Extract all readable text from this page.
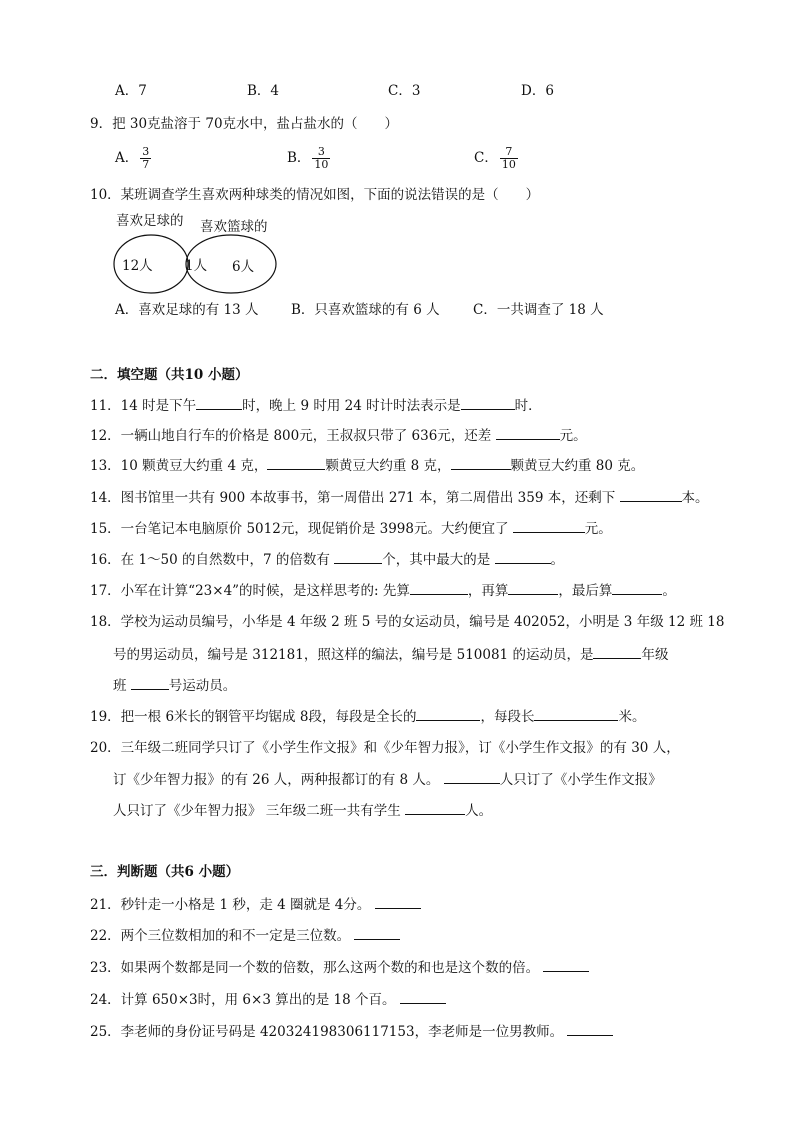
A．7	B．4	C．3	D．6
9．把 30克盐溶于 70克水中，盐占盐水的（　　）
A． $\frac{3}{7}$	B． $\frac{3}{10}$	C． $\frac{7}{10}$
10．某班调查学生喜欢两种球类的情况如图，下面的说法错误的是（　　）
喜欢足球的 喜欢篮球的
12人 1人 6人
A．喜欢足球的有 13 人 B．只喜欢篮球的有 6 人 C．一共调查了 18 人
二．填空题（共10 小题）
11．14 时是下午	时，晚上 9 时用 24 时计时法表示是	时．
12．一辆山地自行车的价格是 800元，王叔叔只带了 636元，还差	元。
13．10 颗黄豆大约重 4 克，	颗黄豆大约重 8 克，	颗黄豆大约重 80 克。
14．图书馆里一共有 900 本故事书，第一周借出 271 本，第二周借出 359 本，还剩下	本。
15．一台笔记本电脑原价 5012元，现促销价是 3998元。大约便宜了	元。
16．在 1～50 的自然数中，7 的倍数有	个，其中最大的是	。
17．小军在计算“23×4”的时候，是这样思考的: 先算	，再算	，最后算	。
18．学校为运动员编号，小华是 4 年级 2 班 5 号的女运动员，编号是 402052，小明是 3 年级 12 班 18
号的男运动员，编号是 312181，照这样的编法，编号是 510081 的运动员，是	年级
班	号运动员。
19．把一根 6米长的钢管平均锯成 8段，每段是全长的	，每段长	米。
20．三年级二班同学只订了《小学生作文报》和《少年智力报》，订《小学生作文报》的有 30 人，
订《少年智力报》的有 26 人，两种报都订的有 8 人。	人只订了《小学生作文报》
人只订了《少年智力报》 三年级二班一共有学生	人。
三．判断题（共6 小题）
21．秒针走一小格是 1 秒，走 4 圈就是 4分。
22．两个三位数相加的和不一定是三位数。
23．如果两个数都是同一个数的倍数，那么这两个数的和也是这个数的倍。
24．计算 650×3时，用 6×3 算出的是 18 个百。
25．李老师的身份证号码是 420324198306117153，李老师是一位男教师。
